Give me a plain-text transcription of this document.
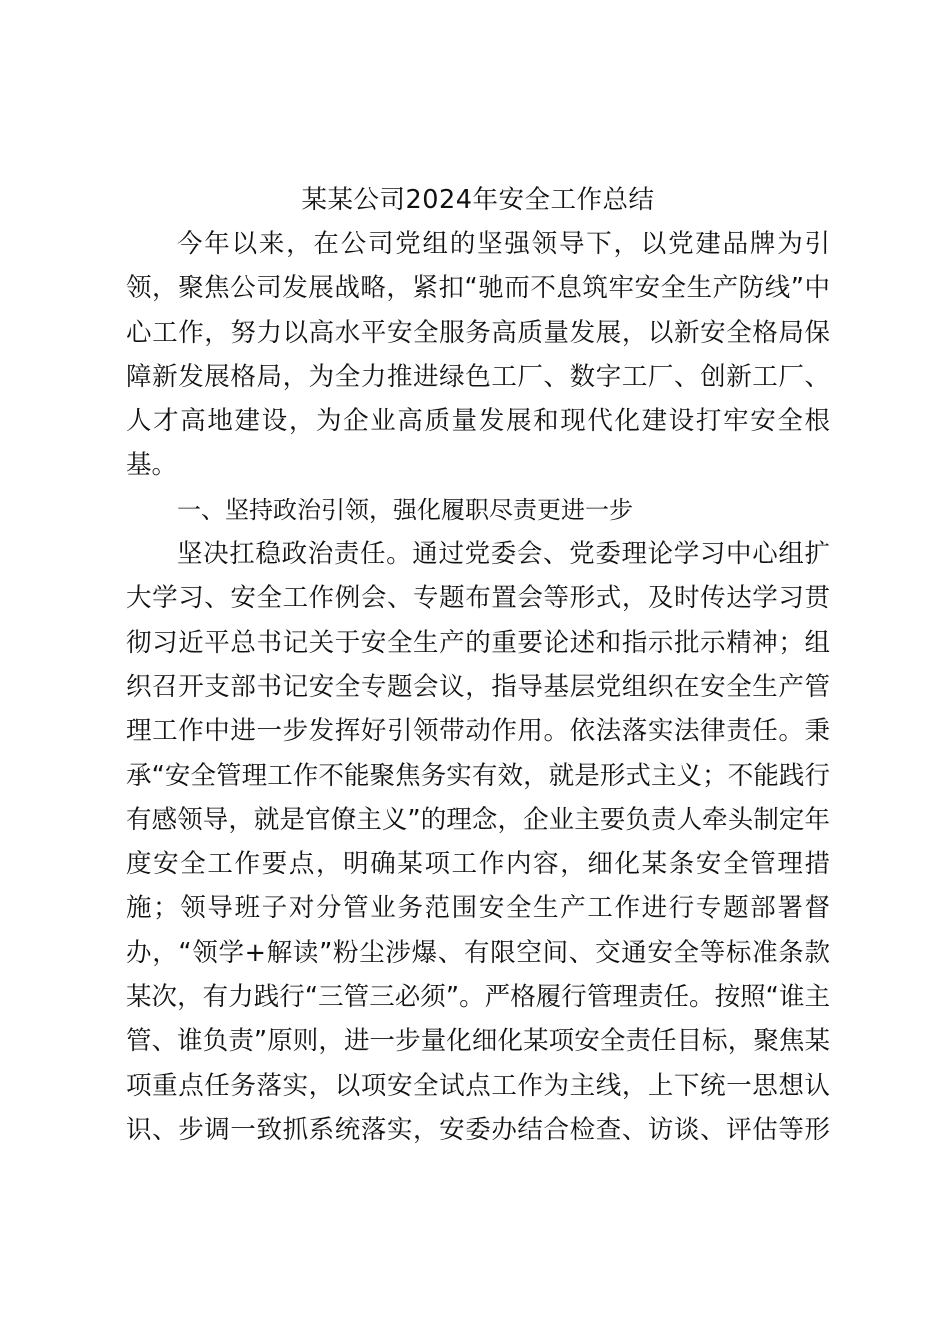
某某公司2024年安全工作总结
今年以来，在公司党组的坚强领导下，以党建品牌为引
领，聚焦公司发展战略，紧扣“驰而不息筑牢安全生产防线”中
心工作，努力以高水平安全服务高质量发展，以新安全格局保
障新发展格局，为全力推进绿色工厂、数字工厂、创新工厂、
人才高地建设，为企业高质量发展和现代化建设打牢安全根
基。
一、坚持政治引领，强化履职尽责更进一步
坚决扛稳政治责任。通过党委会、党委理论学习中心组扩
大学习、安全工作例会、专题布置会等形式，及时传达学习贯
彻习近平总书记关于安全生产的重要论述和指示批示精神；组
织召开支部书记安全专题会议，指导基层党组织在安全生产管
理工作中进一步发挥好引领带动作用。依法落实法律责任。秉
承“安全管理工作不能聚焦务实有效，就是形式主义；不能践行
有感领导，就是官僚主义”的理念，企业主要负责人牵头制定年
度安全工作要点，明确某项工作内容，细化某条安全管理措
施；领导班子对分管业务范围安全生产工作进行专题部署督
办，“领学+解读”粉尘涉爆、有限空间、交通安全等标准条款
某次，有力践行“三管三必须”。严格履行管理责任。按照“谁主
管、谁负责”原则，进一步量化细化某项安全责任目标，聚焦某
项重点任务落实，以项安全试点工作为主线，上下统一思想认
识、步调一致抓系统落实，安委办结合检查、访谈、评估等形
